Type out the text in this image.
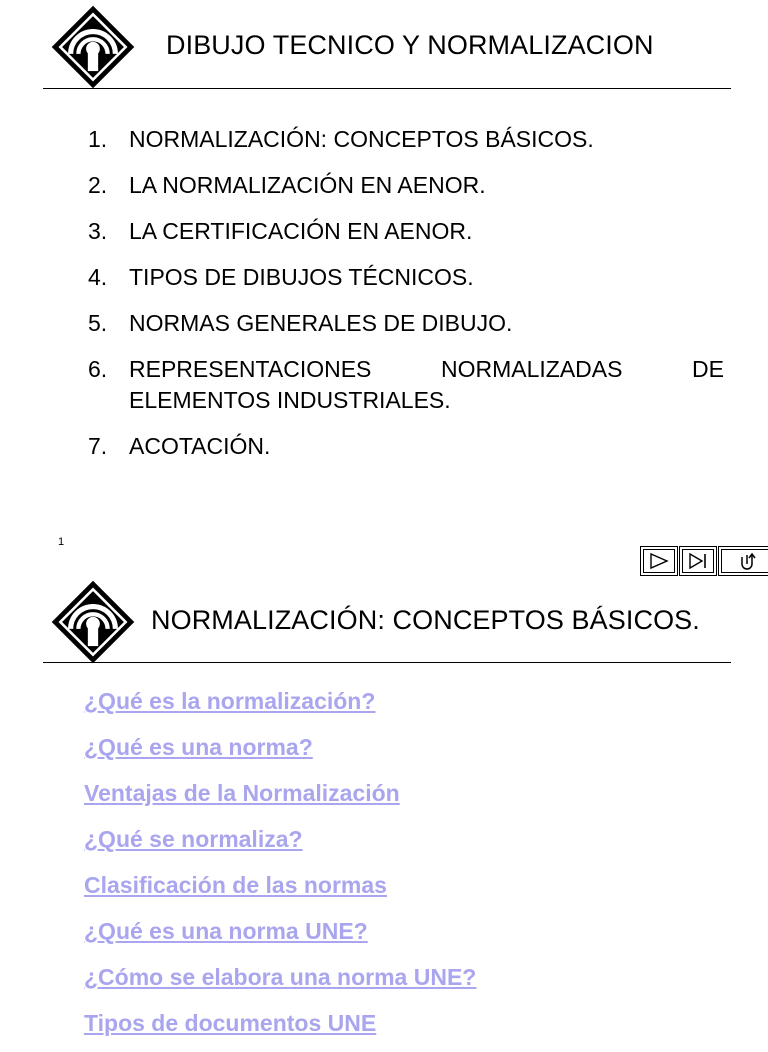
DIBUJO TECNICO Y NORMALIZACION
1. NORMALIZACIÓN: CONCEPTOS BÁSICOS.
2. LA NORMALIZACIÓN EN AENOR.
3. LA CERTIFICACIÓN EN AENOR.
4. TIPOS DE DIBUJOS TÉCNICOS.
5. NORMAS GENERALES DE DIBUJO.
6. REPRESENTACIONES NORMALIZADAS DE ELEMENTOS INDUSTRIALES.
7. ACOTACIÓN.
1
NORMALIZACIÓN: CONCEPTOS BÁSICOS.
¿Qué es la normalización?
¿Qué es una norma?
Ventajas de la Normalización
¿Qué se normaliza?
Clasificación de las normas
¿Qué es una norma UNE?
¿Cómo se elabora una norma UNE?
Tipos de documentos UNE
